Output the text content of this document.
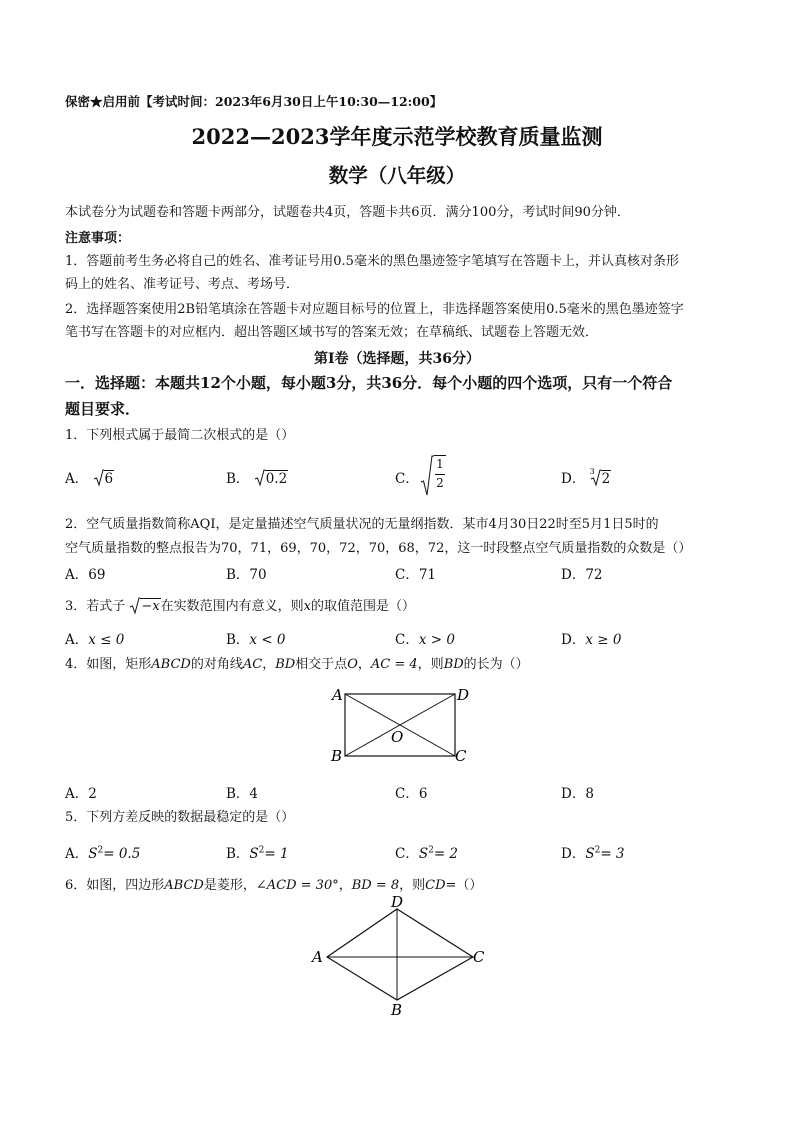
保密★启用前【考试时间：2023年6月30日上午10:30—12:00】
2022—2023学年度示范学校教育质量监测
数学（八年级）
本试卷分为试题卷和答题卡两部分，试题卷共4页，答题卡共6页．满分100分，考试时间90分钟．
注意事项：
1．答题前考生务必将自己的姓名、准考证号用0.5毫米的黑色墨迹签字笔填写在答题卡上，并认真核对条形
码上的姓名、准考证号、考点、考场号．
2．选择题答案使用2B铅笔填涂在答题卡对应题目标号的位置上，非选择题答案使用0.5毫米的黑色墨迹签字
笔书写在答题卡的对应框内．超出答题区域书写的答案无效；在草稿纸、试题卷上答题无效．
第Ⅰ卷（选择题，共36分）
一．选择题：本题共12个小题，每小题3分，共36分．每个小题的四个选项，只有一个符合
题目要求．
1．下列根式属于最简二次根式的是（）
A． 6	B． 0.2	C．
1
2	D． 3 2
2．空气质量指数简称AQI，是定量描述空气质量状况的无量纲指数．某市4月30日22时至5月1日5时的
空气质量指数的整点报告为70，71，69，70，72，70，68，72，这一时段整点空气质量指数的众数是（）
A．69	B．70	C．71	D．72
3．若式子 −x在实数范围内有意义，则x的取值范围是（）
A．x ≤ 0	B．x < 0	C．x > 0	D．x ≥ 0
4．如图，矩形ABCD的对角线AC，BD相交于点O，AC = 4，则BD的长为（）
A	D
B	C
O
A．2	B．4	C．6	D．8
5．下列方差反映的数据最稳定的是（）
A．$S^2= 0.5$	B．$S^2= 1$	C．$S^2= 2$	D．$S^2= 3$
6．如图，四边形ABCD是菱形，∠ACD = 30°，BD = 8，则CD=（）
D
A	C
B
